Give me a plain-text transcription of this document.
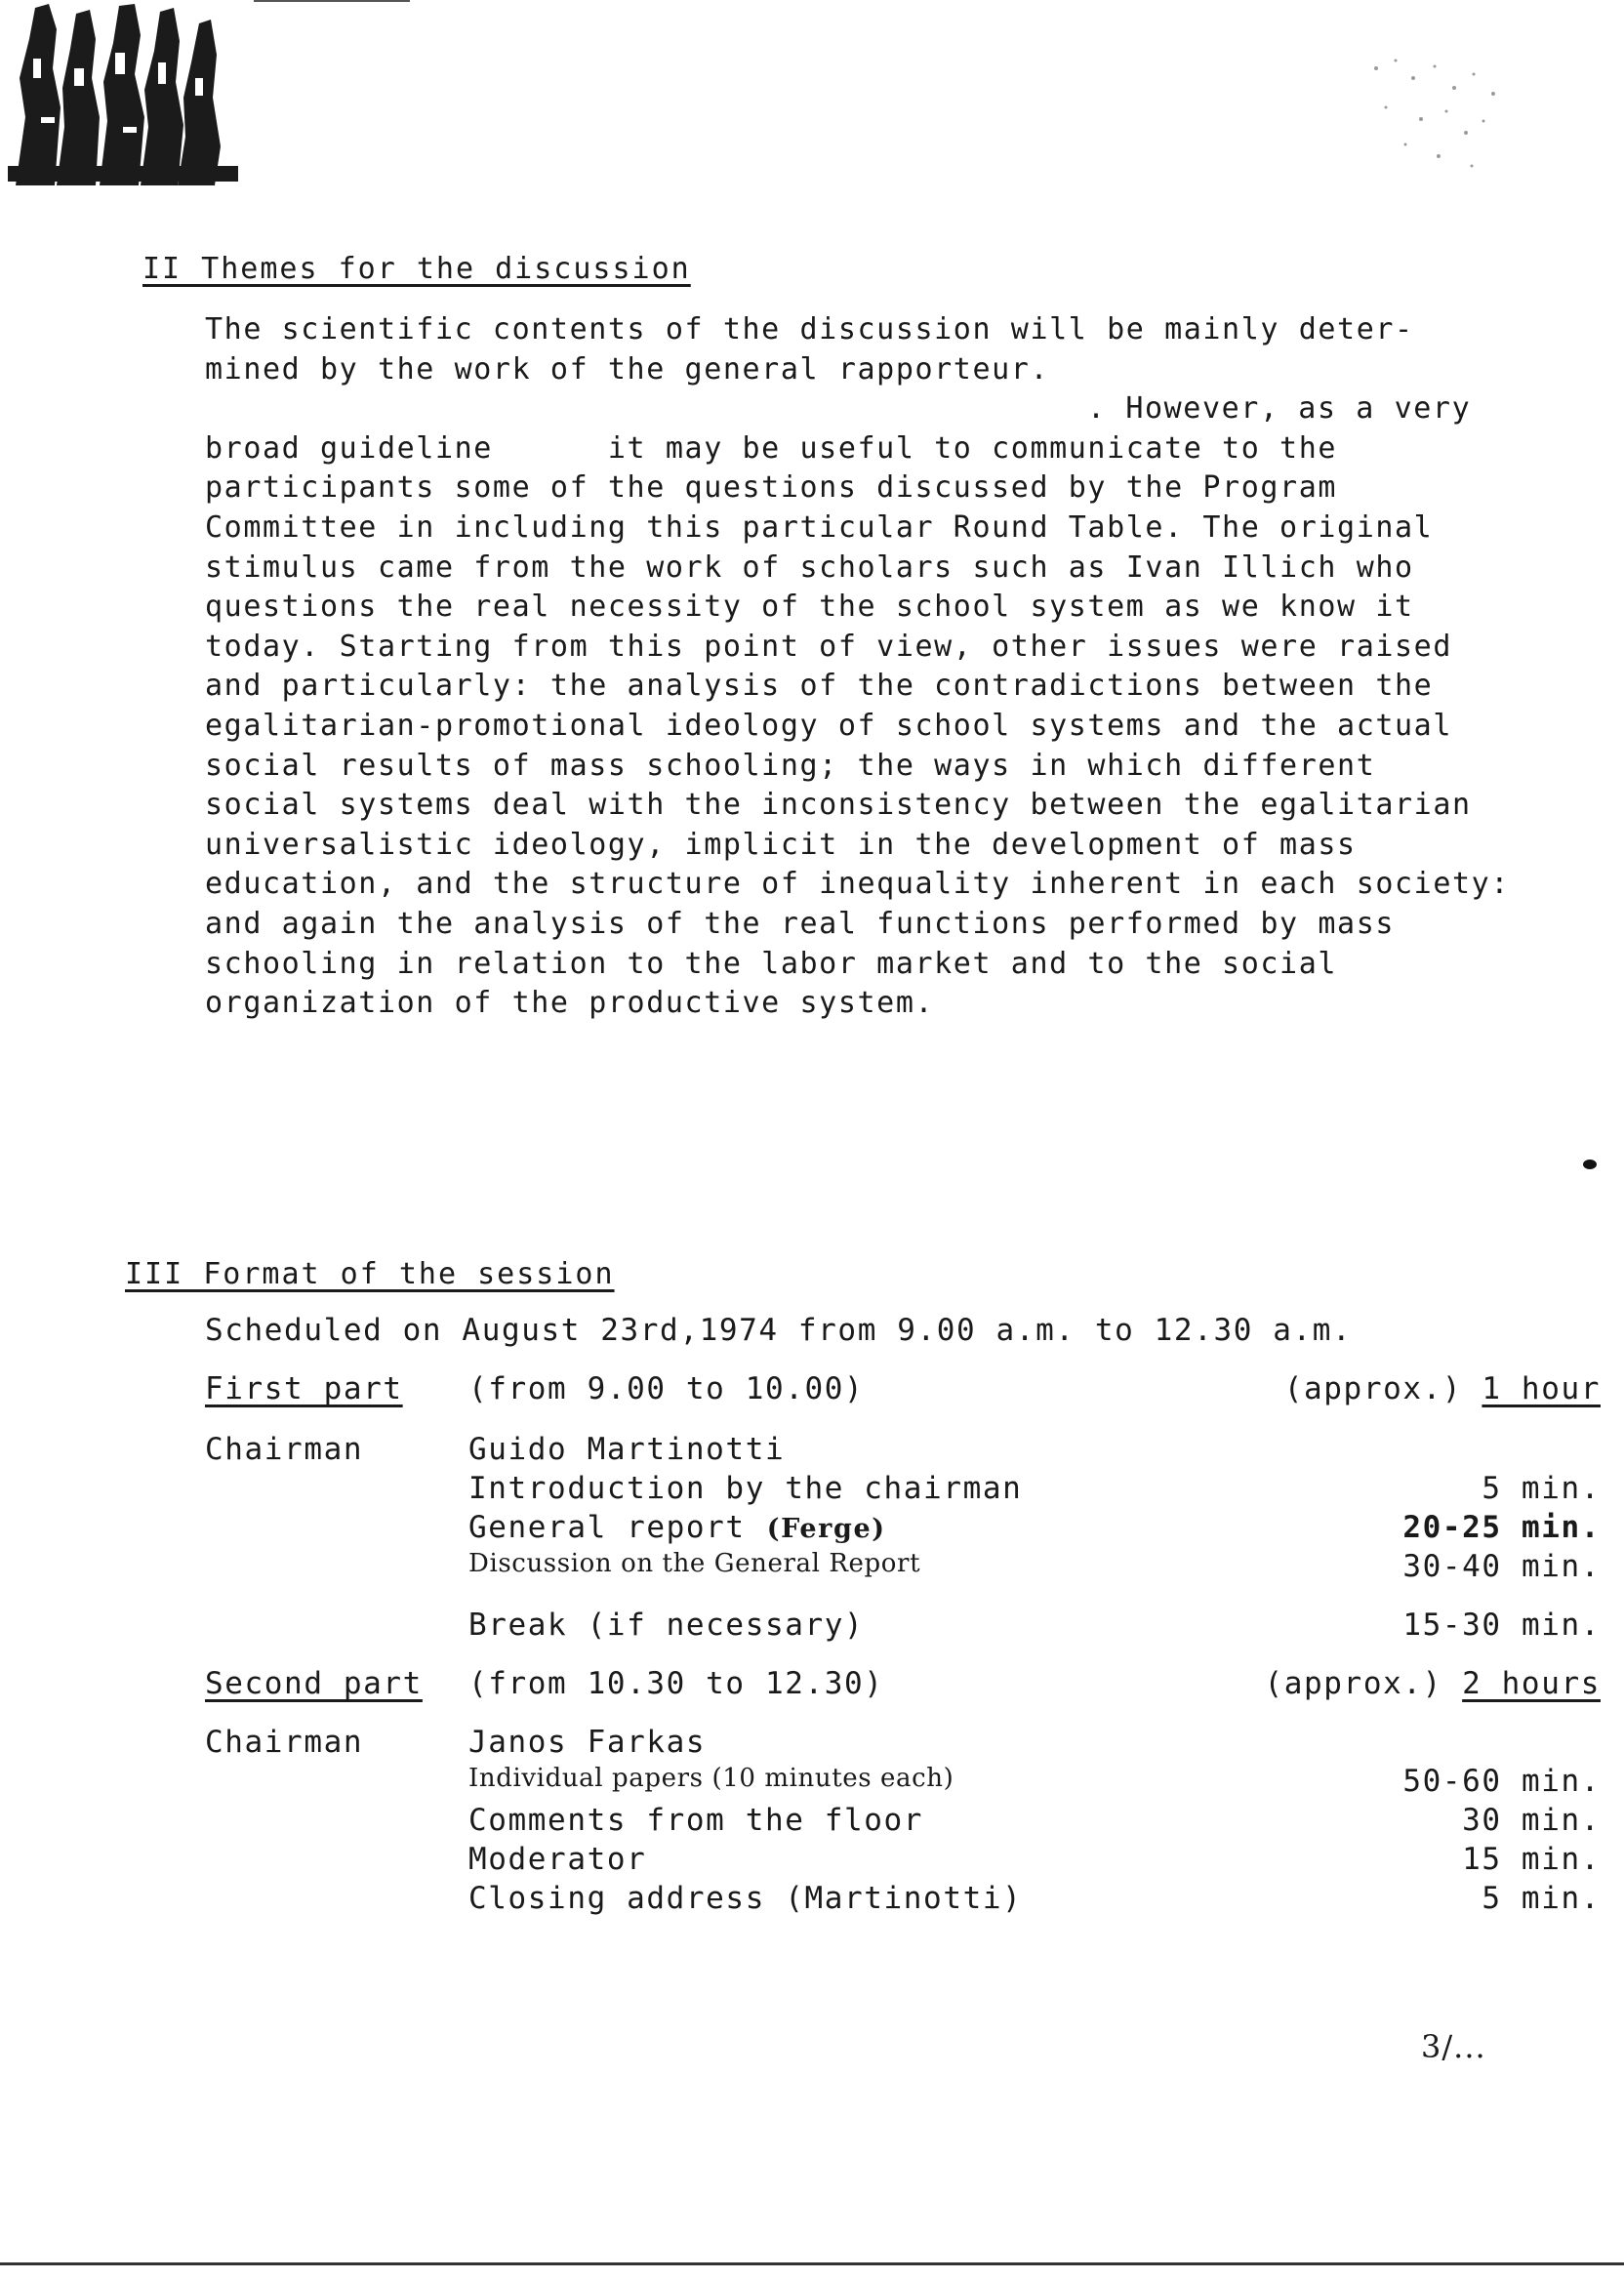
II Themes for the discussion
The scientific contents of the discussion will be mainly deter-
mined by the work of the general rapporteur.
. However, as a very
broad guideline      it may be useful to communicate to the
participants some of the questions discussed by the Program
Committee in including this particular Round Table. The original
stimulus came from the work of scholars such as Ivan Illich who
questions the real necessity of the school system as we know it
today. Starting from this point of view, other issues were raised
and particularly: the analysis of the contradictions between the
egalitarian-promotional ideology of school systems and the actual
social results of mass schooling; the ways in which different
social systems deal with the inconsistency between the egalitarian
universalistic ideology, implicit in the development of mass
education, and the structure of inequality inherent in each society:
and again the analysis of the real functions performed by mass
schooling in relation to the labor market and to the social
organization of the productive system.
III Format of the session
Scheduled on August 23rd,1974 from 9.00 a.m. to 12.30 a.m.
First part (from 9.00 to 10.00)	(approx.) 1 hour
Chairman	Guido Martinotti
Introduction by the chairman	5 min.
General report (Ferge)	20-25 min.
Discussion on the General Report	30-40 min.
Break (if necessary)	15-30 min.
Second part (from 10.30 to 12.30)	(approx.) 2 hours
Chairman	Janos Farkas
Individual papers (10 minutes each)	50-60 min.
Comments from the floor	30 min.
Moderator	15 min.
Closing address (Martinotti)	5 min.
3/...
